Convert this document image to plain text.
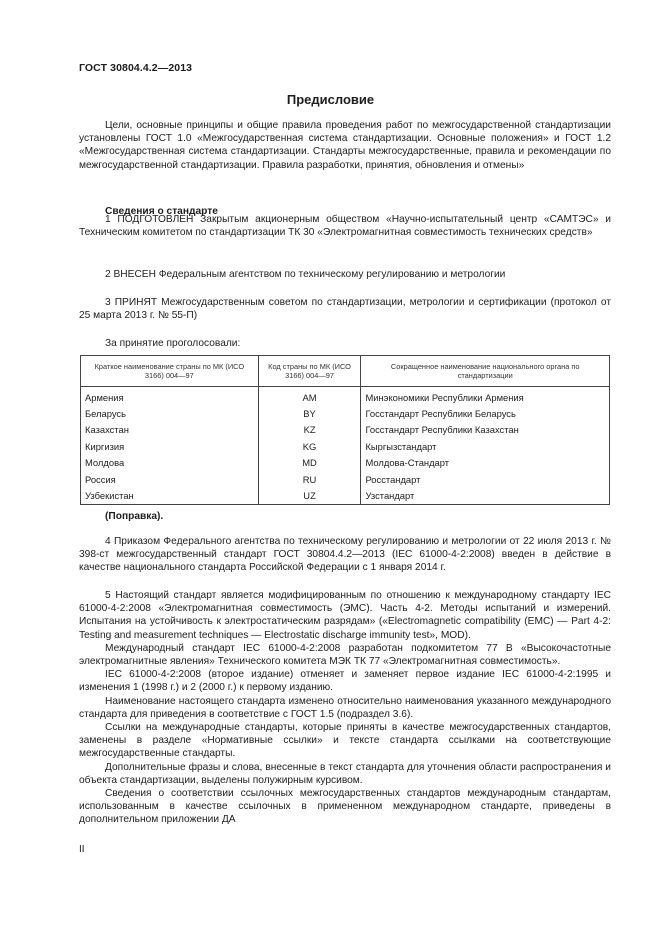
ГОСТ 30804.4.2—2013
Предисловие

Цели, основные принципы и общие правила проведения работ по межгосударственной стандартизации установлены ГОСТ 1.0 «Межгосударственная система стандартизации. Основные положения» и ГОСТ 1.2 «Межгосударственная система стандартизации. Стандарты межгосударственные, правила и рекомендации по межгосударственной стандартизации. Правила разработки, принятия, обновления и отмены»

Сведения о стандарте

1 ПОДГОТОВЛЕН Закрытым акционерным обществом «Научно-испытательный центр «САМТЭС» и Техническим комитетом по стандартизации ТК 30 «Электромагнитная совместимость технических средств»

2 ВНЕСЕН Федеральным агентством по техническому регулированию и метрологии

3 ПРИНЯТ Межгосударственным советом по стандартизации, метрологии и сертификации (протокол от 25 марта 2013 г. № 55-П)

За принятие проголосовали:

Краткое наименование страны по МК (ИСО 3166) 004—97	Код страны по МК (ИСО 3166) 004—97	Сокращенное наименование национального органа по стандартизации
Армения	AM	Минэкономики Республики Армения
Беларусь	BY	Госстандарт Республики Беларусь
Казахстан	KZ	Госстандарт Республики Казахстан
Киргизия	KG	Кыргызстандарт
Молдова	MD	Молдова-Стандарт
Россия	RU	Росстандарт
Узбекистан	UZ	Узстандарт

(Поправка).

4 Приказом Федерального агентства по техническому регулированию и метрологии от 22 июля 2013 г. № 398-ст межгосударственный стандарт ГОСТ 30804.4.2—2013 (IEC 61000-4-2:2008) введен в действие в качестве национального стандарта Российской Федерации с 1 января 2014 г.

5 Настоящий стандарт является модифицированным по отношению к международному стандарту IEC 61000-4-2:2008 «Электромагнитная совместимость (ЭМС). Часть 4-2. Методы испытаний и измерений. Испытания на устойчивость к электростатическим разрядам» («Electromagnetic compatibility (EMC) — Part 4-2: Testing and measurement techniques — Electrostatic discharge immunity test», MOD).

Международный стандарт IEC 61000-4-2:2008 разработан подкомитетом 77 В «Высокочастотные электромагнитные явления» Технического комитета МЭК ТК 77 «Электромагнитная совместимость».

IEC 61000-4-2:2008 (второе издание) отменяет и заменяет первое издание IEC 61000-4-2:1995 и изменения 1 (1998 г.) и 2 (2000 г.) к первому изданию.

Наименование настоящего стандарта изменено относительно наименования указанного международного стандарта для приведения в соответствие с ГОСТ 1.5 (подраздел 3.6).

Ссылки на международные стандарты, которые приняты в качестве межгосударственных стандартов, заменены в разделе «Нормативные ссылки» и тексте стандарта ссылками на соответствующие межгосударственные стандарты.

Дополнительные фразы и слова, внесенные в текст стандарта для уточнения области распространения и объекта стандартизации, выделены полужирным курсивом.

Сведения о соответствии ссылочных межгосударственных стандартов международным стандартам, использованным в качестве ссылочных в примененном международном стандарте, приведены в дополнительном приложении ДА

II
